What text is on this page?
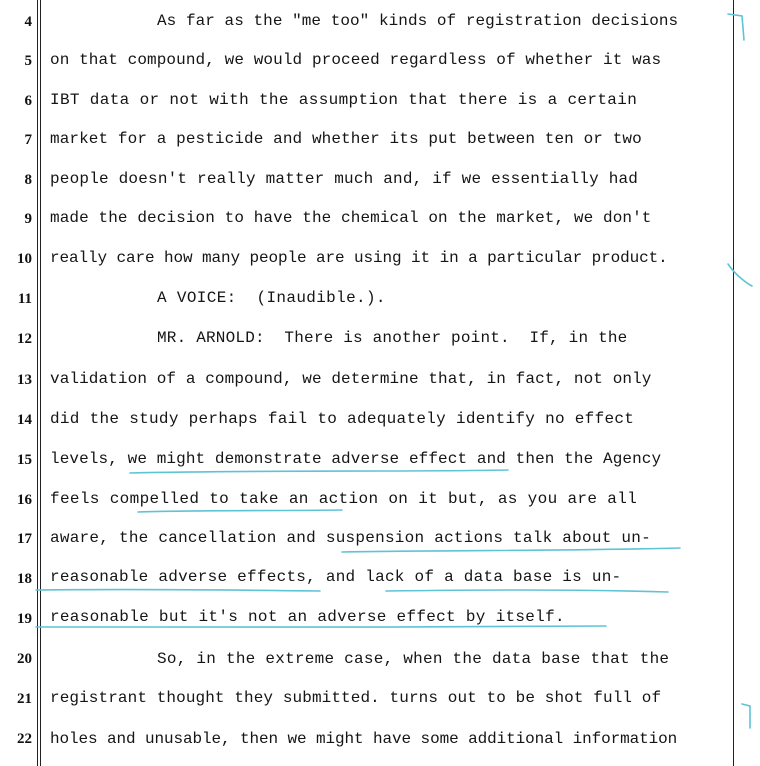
4
5
6
7
8
9
10
11
12
13
14
15
16
17
18
19
20
21
22
As far as the "me too" kinds of registration decisions
on that compound, we would proceed regardless of whether it was
IBT data or not with the assumption that there is a certain
market for a pesticide and whether its put between ten or two
people doesn't really matter much and, if we essentially had
made the decision to have the chemical on the market, we don't
really care how many people are using it in a particular product.
A VOICE:  (Inaudible.).
MR. ARNOLD:  There is another point.  If, in the
validation of a compound, we determine that, in fact, not only
did the study perhaps fail to adequately identify no effect
levels, we might demonstrate adverse effect and then the Agency
feels compelled to take an action on it but, as you are all
aware, the cancellation and suspension actions talk about un-
reasonable adverse effects, and lack of a data base is un-
reasonable but it's not an adverse effect by itself.
So, in the extreme case, when the data base that the
registrant thought they submitted. turns out to be shot full of
holes and unusable, then we might have some additional information
